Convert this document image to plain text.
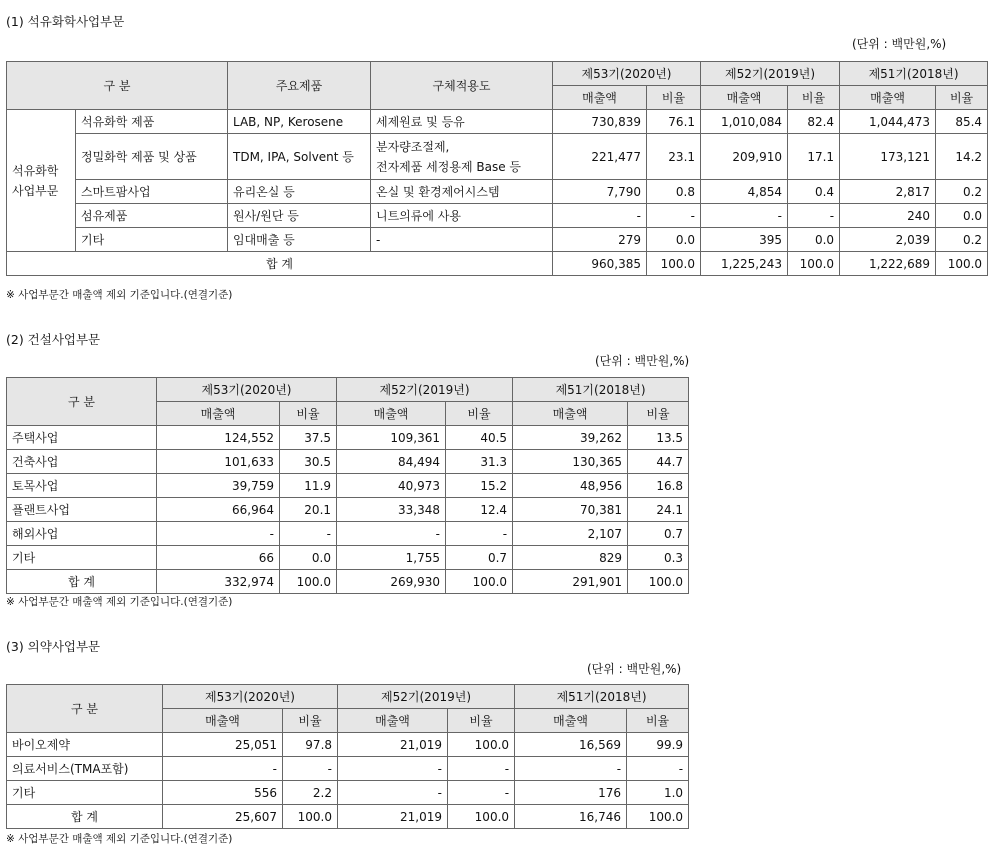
(1) 석유화학사업부문
(단위 : 백만원,%)
구 분		주요제품	구체적용도	제53기(2020년)		제52기(2019년)		제51기(2018년)	
				매출액	비율	매출액	비율	매출액	비율

석유화학
사업부문	석유화학 제품	LAB, NP, Kerosene	세제원료 및 등유	730,839	76.1	1,010,084	82.4	1,044,473	85.4
	정밀화학 제품 및 상품	TDM, IPA, Solvent 등	분자량조절제,
전자제품 세정용제 Base 등	221,477	23.1	209,910	17.1	173,121	14.2
	스마트팜사업	유리온실 등	온실 및 환경제어시스템	7,790	0.8	4,854	0.4	2,817	0.2
	섬유제품	원사/원단 등	니트의류에 사용	-	-	-	-	240	0.0
	기타	임대매출 등	-	279	0.0	395	0.0	2,039	0.2
합 계				960,385	100.0	1,225,243	100.0	1,222,689	100.0
※ 사업부문간 매출액 제외 기준입니다.(연결기준)
(2) 건설사업부문
(단위 : 백만원,%)
구 분	제53기(2020년)		제52기(2019년)		제51기(2018년)	
	매출액	비율	매출액	비율	매출액	비율
주택사업	124,552	37.5	109,361	40.5	39,262	13.5
건축사업	101,633	30.5	84,494	31.3	130,365	44.7
토목사업	39,759	11.9	40,973	15.2	48,956	16.8
플랜트사업	66,964	20.1	33,348	12.4	70,381	24.1
해외사업	-	-	-	-	2,107	0.7
기타	66	0.0	1,755	0.7	829	0.3
합 계	332,974	100.0	269,930	100.0	291,901	100.0
※ 사업부문간 매출액 제외 기준입니다.(연결기준)
(3) 의약사업부문
(단위 : 백만원,%)
구 분	제53기(2020년)		제52기(2019년)		제51기(2018년)	
	매출액	비율	매출액	비율	매출액	비율
바이오제약	25,051	97.8	21,019	100.0	16,569	99.9
의료서비스(TMA포함)	-	-	-	-	-	-
기타	556	2.2	-	-	176	1.0
합 계	25,607	100.0	21,019	100.0	16,746	100.0
※ 사업부문간 매출액 제외 기준입니다.(연결기준)
